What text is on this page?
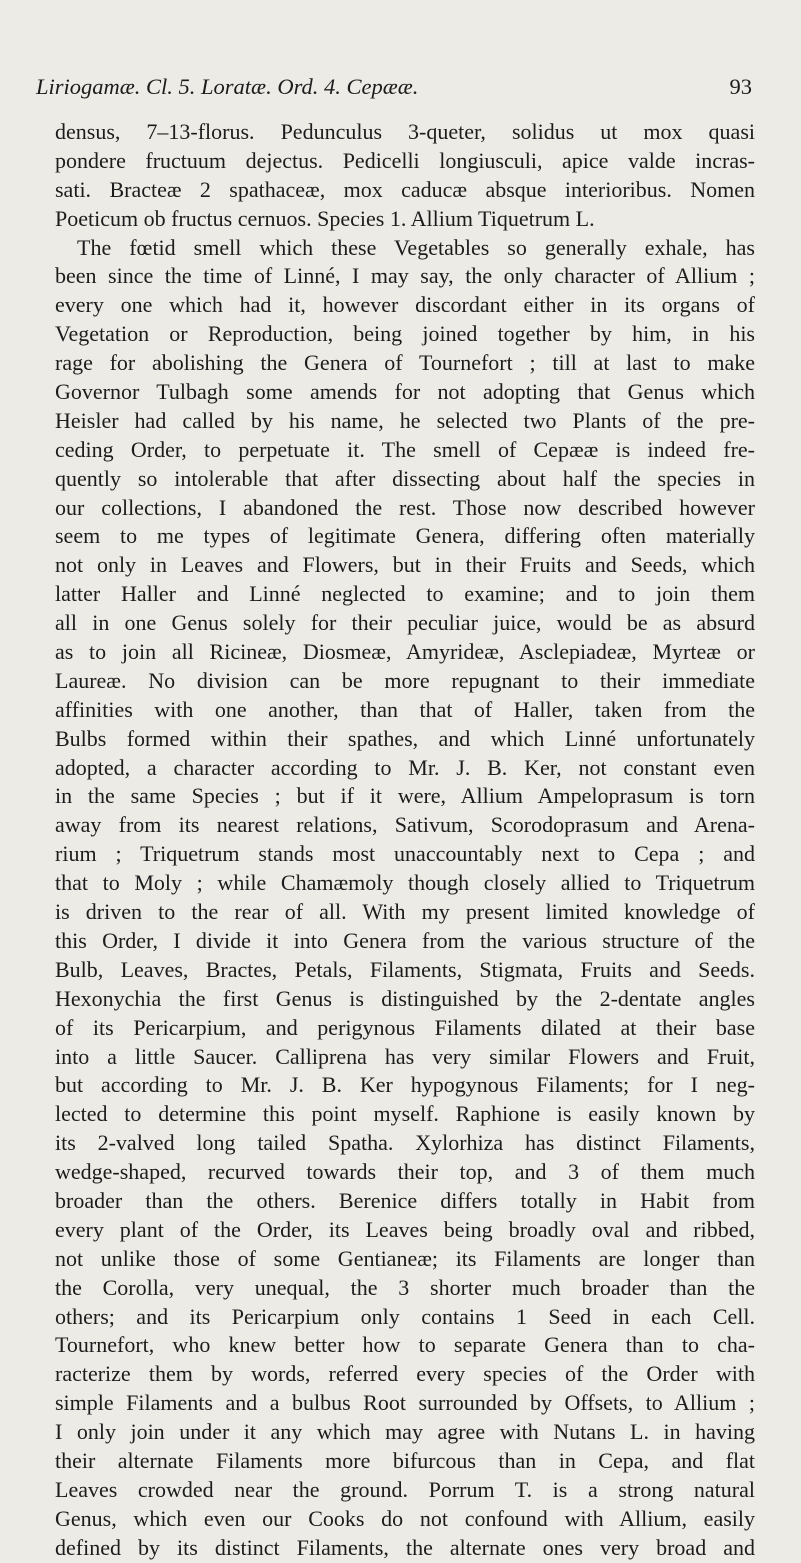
Liriogamæ. Cl. 5. Loratæ. Ord. 4. Cepææ.	93
densus, 7–13-florus. Pedunculus 3-queter, solidus ut mox quasi
pondere fructuum dejectus. Pedicelli longiusculi, apice valde incras-
sati. Bracteæ 2 spathaceæ, mox caducæ absque interioribus. Nomen
Poeticum ob fructus cernuos. Species 1. Allium Tiquetrum L.
The fœtid smell which these Vegetables so generally exhale, has
been since the time of Linné, I may say, the only character of Allium ;
every one which had it, however discordant either in its organs of
Vegetation or Reproduction, being joined together by him, in his
rage for abolishing the Genera of Tournefort ; till at last to make
Governor Tulbagh some amends for not adopting that Genus which
Heisler had called by his name, he selected two Plants of the pre-
ceding Order, to perpetuate it. The smell of Cepææ is indeed fre-
quently so intolerable that after dissecting about half the species in
our collections, I abandoned the rest. Those now described however
seem to me types of legitimate Genera, differing often materially
not only in Leaves and Flowers, but in their Fruits and Seeds, which
latter Haller and Linné neglected to examine; and to join them
all in one Genus solely for their peculiar juice, would be as absurd
as to join all Ricineæ, Diosmeæ, Amyrideæ, Asclepiadeæ, Myrteæ or
Laureæ. No division can be more repugnant to their immediate
affinities with one another, than that of Haller, taken from the
Bulbs formed within their spathes, and which Linné unfortunately
adopted, a character according to Mr. J. B. Ker, not constant even
in the same Species ; but if it were, Allium Ampeloprasum is torn
away from its nearest relations, Sativum, Scorodoprasum and Arena-
rium ; Triquetrum stands most unaccountably next to Cepa ; and
that to Moly ; while Chamæmoly though closely allied to Triquetrum
is driven to the rear of all. With my present limited knowledge of
this Order, I divide it into Genera from the various structure of the
Bulb, Leaves, Bractes, Petals, Filaments, Stigmata, Fruits and Seeds.
Hexonychia the first Genus is distinguished by the 2-dentate angles
of its Pericarpium, and perigynous Filaments dilated at their base
into a little Saucer. Calliprena has very similar Flowers and Fruit,
but according to Mr. J. B. Ker hypogynous Filaments; for I neg-
lected to determine this point myself. Raphione is easily known by
its 2-valved long tailed Spatha. Xylorhiza has distinct Filaments,
wedge-shaped, recurved towards their top, and 3 of them much
broader than the others. Berenice differs totally in Habit from
every plant of the Order, its Leaves being broadly oval and ribbed,
not unlike those of some Gentianeæ; its Filaments are longer than
the Corolla, very unequal, the 3 shorter much broader than the
others; and its Pericarpium only contains 1 Seed in each Cell.
Tournefort, who knew better how to separate Genera than to cha-
racterize them by words, referred every species of the Order with
simple Filaments and a bulbus Root surrounded by Offsets, to Allium ;
I only join under it any which may agree with Nutans L. in having
their alternate Filaments more bifurcous than in Cepa, and flat
Leaves crowded near the ground. Porrum T. is a strong natural
Genus, which even our Cooks do not confound with Allium, easily
defined by its distinct Filaments, the alternate ones very broad and
